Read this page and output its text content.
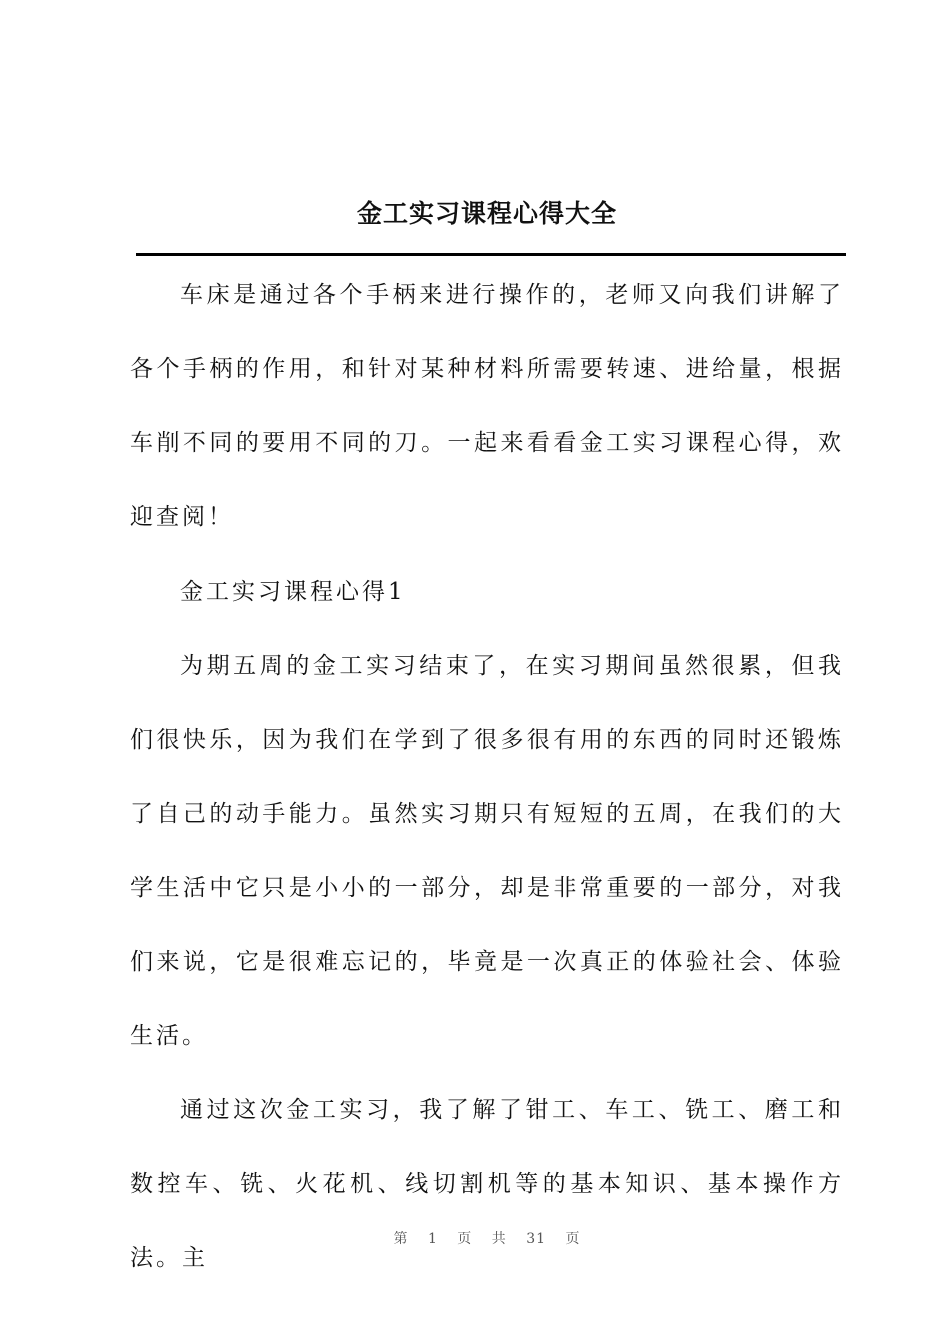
金工实习课程心得大全

车床是通过各个手柄来进行操作的，老师又向我们讲解了各个手柄的作用，和针对某种材料所需要转速、进给量，根据车削不同的要用不同的刀。一起来看看金工实习课程心得，欢迎查阅！

金工实习课程心得1

为期五周的金工实习结束了，在实习期间虽然很累，但我们很快乐，因为我们在学到了很多很有用的东西的同时还锻炼了自己的动手能力。虽然实习期只有短短的五周，在我们的大学生活中它只是小小的一部分，却是非常重要的一部分，对我们来说，它是很难忘记的，毕竟是一次真正的体验社会、体验生活。

通过这次金工实习，我了解了钳工、车工、铣工、磨工和数控车、铣、火花机、线切割机等的基本知识、基本操作方法。主

第 1 页 共 31 页
